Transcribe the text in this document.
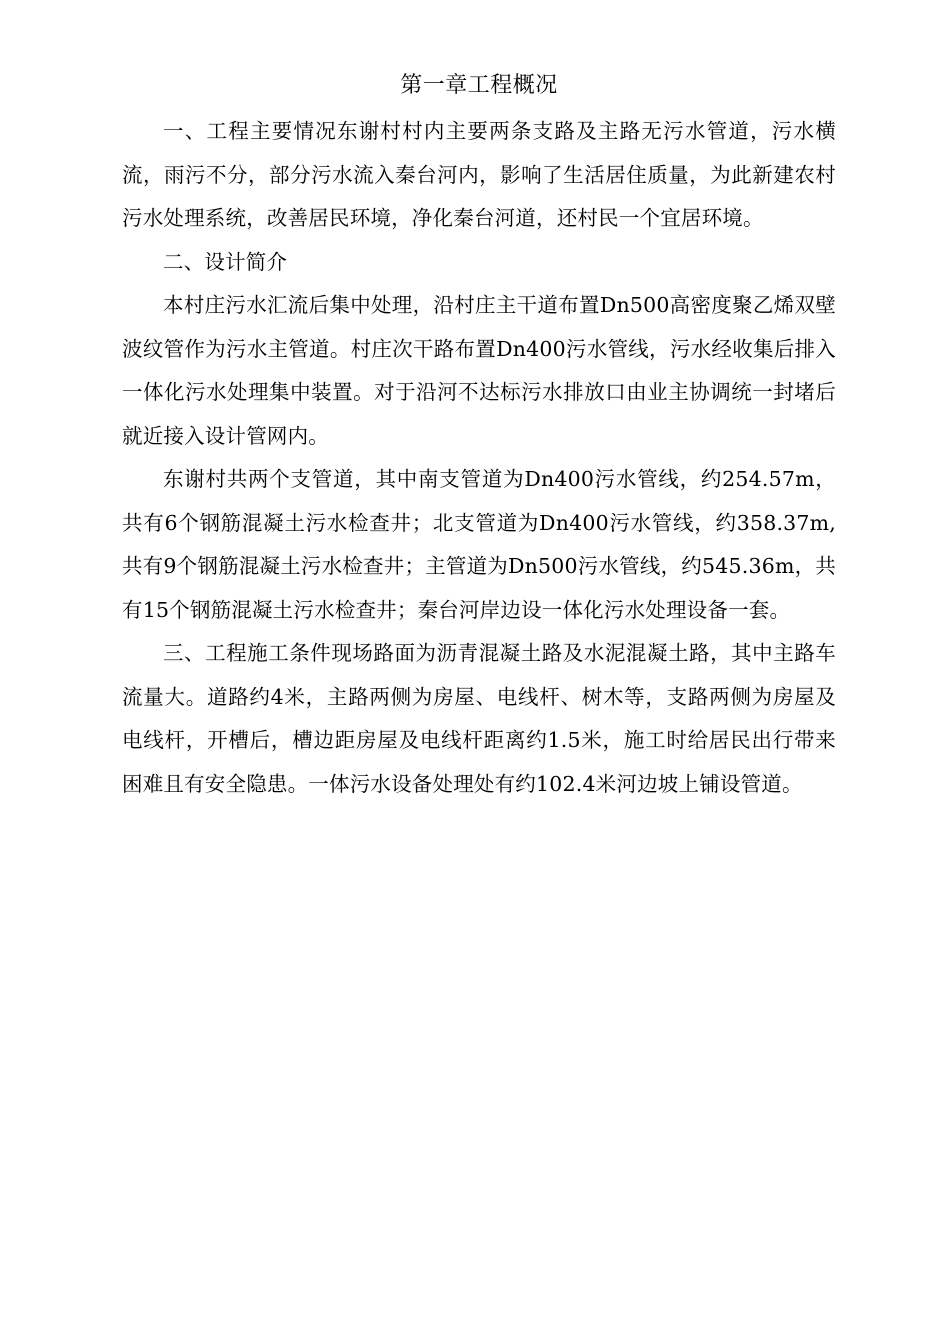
第一章工程概况

一、工程主要情况东谢村村内主要两条支路及主路无污水管道，污水横流，雨污不分，部分污水流入秦台河内，影响了生活居住质量，为此新建农村污水处理系统，改善居民环境，净化秦台河道，还村民一个宜居环境。

二、设计简介

本村庄污水汇流后集中处理，沿村庄主干道布置Dn500高密度聚乙烯双壁波纹管作为污水主管道。村庄次干路布置Dn400污水管线，污水经收集后排入一体化污水处理集中装置。对于沿河不达标污水排放口由业主协调统一封堵后就近接入设计管网内。

东谢村共两个支管道，其中南支管道为Dn400污水管线，约254.57m，共有6个钢筋混凝土污水检查井；北支管道为Dn400污水管线，约358.37m,共有9个钢筋混凝土污水检查井；主管道为Dn500污水管线，约545.36m，共有15个钢筋混凝土污水检查井；秦台河岸边设一体化污水处理设备一套。

三、工程施工条件现场路面为沥青混凝土路及水泥混凝土路，其中主路车流量大。道路约4米，主路两侧为房屋、电线杆、树木等，支路两侧为房屋及电线杆，开槽后，槽边距房屋及电线杆距离约1.5米，施工时给居民出行带来困难且有安全隐患。一体污水设备处理处有约102.4米河边坡上铺设管道。
